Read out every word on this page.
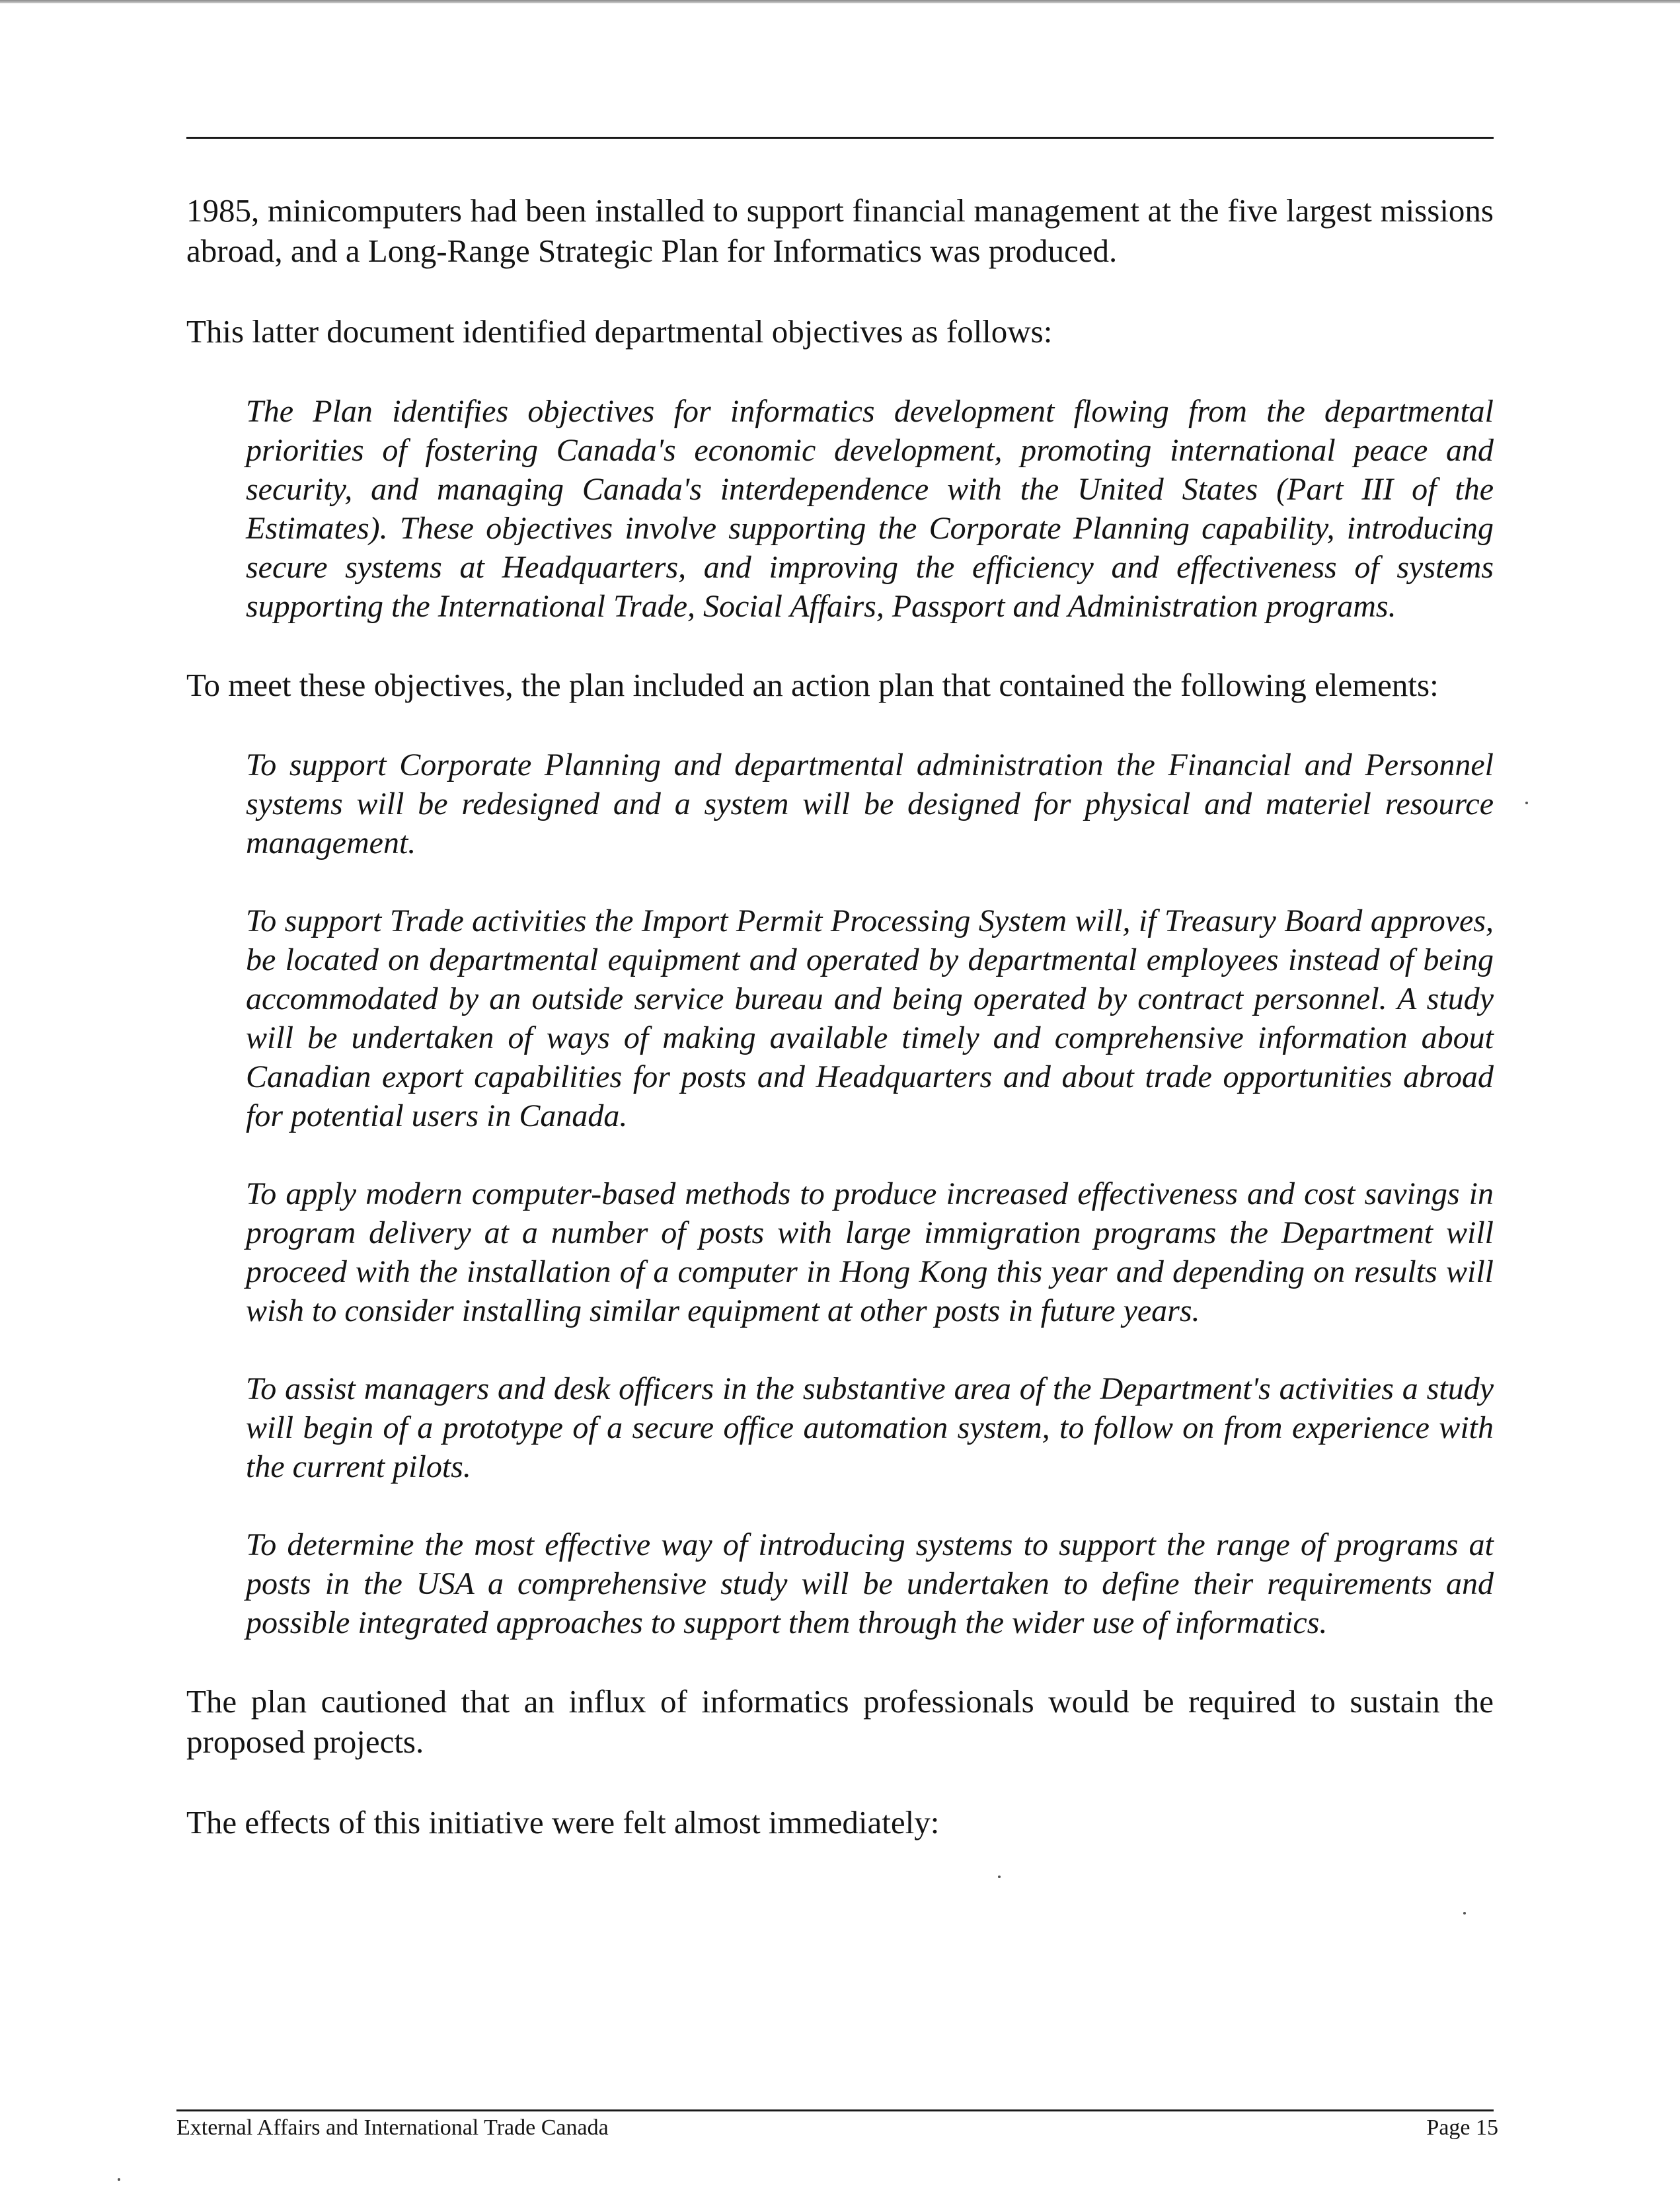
1985, minicomputers had been installed to support financial management at the five largest missions abroad, and a Long-Range Strategic Plan for Informatics was produced.

This latter document identified departmental objectives as follows:

The Plan identifies objectives for informatics development flowing from the departmental priorities of fostering Canada's economic development, promoting international peace and security, and managing Canada's interdependence with the United States (Part III of the Estimates). These objectives involve supporting the Corporate Planning capability, introducing secure systems at Headquarters, and improving the efficiency and effectiveness of systems supporting the International Trade, Social Affairs, Passport and Administration programs.

To meet these objectives, the plan included an action plan that contained the following elements:

To support Corporate Planning and departmental administration the Financial and Personnel systems will be redesigned and a system will be designed for physical and materiel resource management.

To support Trade activities the Import Permit Processing System will, if Treasury Board approves, be located on departmental equipment and operated by departmental employees instead of being accommodated by an outside service bureau and being operated by contract personnel. A study will be undertaken of ways of making available timely and comprehensive information about Canadian export capabilities for posts and Headquarters and about trade opportunities abroad for potential users in Canada.

To apply modern computer-based methods to produce increased effectiveness and cost savings in program delivery at a number of posts with large immigration programs the Department will proceed with the installation of a computer in Hong Kong this year and depending on results will wish to consider installing similar equipment at other posts in future years.

To assist managers and desk officers in the substantive area of the Department's activities a study will begin of a prototype of a secure office automation system, to follow on from experience with the current pilots.

To determine the most effective way of introducing systems to support the range of programs at posts in the USA a comprehensive study will be undertaken to define their requirements and possible integrated approaches to support them through the wider use of informatics.

The plan cautioned that an influx of informatics professionals would be required to sustain the proposed projects.

The effects of this initiative were felt almost immediately:

External Affairs and International Trade Canada	Page 15
